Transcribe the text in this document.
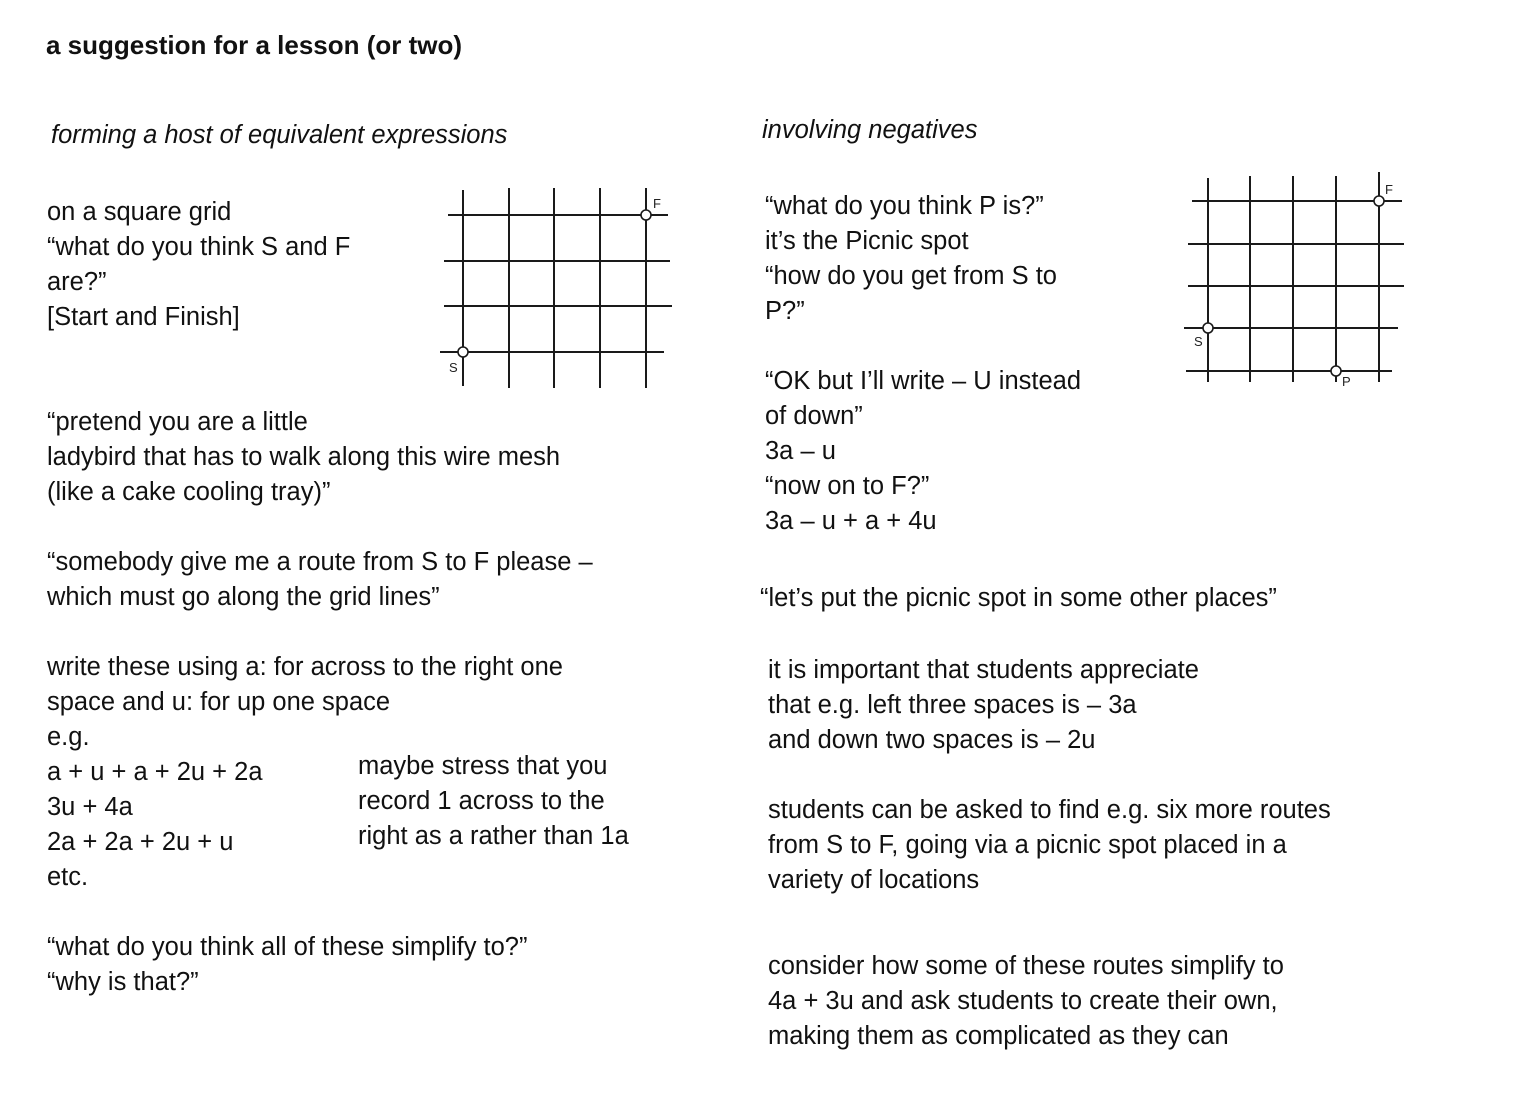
a suggestion for a lesson (or two)
forming a host of equivalent expressions
on a square grid
“what do you think S and F
are?”
[Start and Finish]
S
F
“pretend you are a little
ladybird that has to walk along this wire mesh
(like a cake cooling tray)”
“somebody give me a route from S to F please –
which must go along the grid lines”
write these using a: for across to the right one
space and u: for up one space
e.g.
a + u + a + 2u + 2a
3u + 4a
2a + 2a + 2u + u
etc.
maybe stress that you
record 1 across to the
right as a rather than 1a
“what do you think all of these simplify to?”
“why is that?”
involving negatives
“what do you think P is?”
it’s the Picnic spot
“how do you get from S to
P?”
S
F
P
“OK but I’ll write – U instead
of down”
3a – u
“now on to F?”
3a – u + a + 4u
“let’s put the picnic spot in some other places”
it is important that students appreciate
that e.g. left three spaces is – 3a
and down two spaces is – 2u
students can be asked to find e.g. six more routes
from S to F, going via a picnic spot placed in a
variety of locations
consider how some of these routes simplify to
4a + 3u and ask students to create their own,
making them as complicated as they can
